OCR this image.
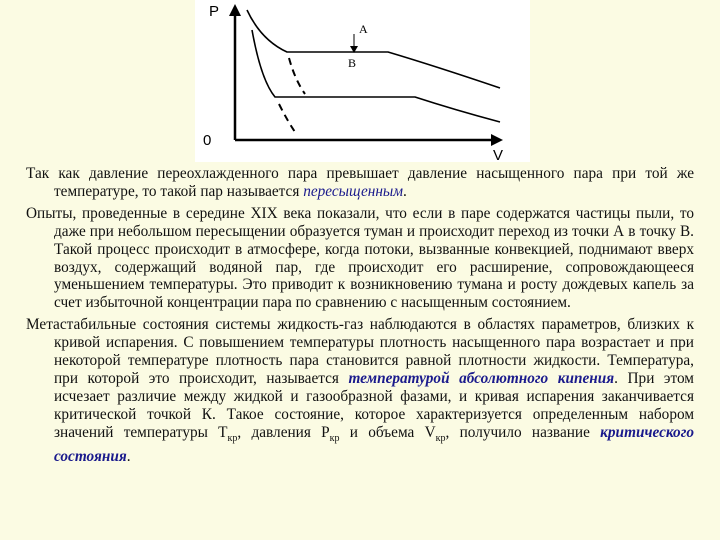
P
V
0
A
B

Так как давление переохлажденного пара превышает давление насыщенного пара при той же температуре, то такой пар называется пересыщенным.

Опыты, проведенные в середине XIX века показали, что если в паре содержатся частицы пыли, то даже при небольшом пересыщении образуется туман и происходит переход из точки А в точку В. Такой процесс происходит в атмосфере, когда потоки, вызванные конвекцией, поднимают вверх воздух, содержащий водяной пар, где происходит его расширение, сопровождающееся уменьшением температуры. Это приводит к возникновению тумана и росту дождевых капель за счет избыточной концентрации пара по сравнению с насыщенным состоянием.

Метастабильные состояния системы жидкость-газ наблюдаются в областях параметров, близких к кривой испарения. С повышением температуры плотность насыщенного пара возрастает и при некоторой температуре плотность пара становится равной плотности жидкости. Температура, при которой это происходит, называется температурой абсолютного кипения. При этом исчезает различие между жидкой и газообразной фазами, и кривая испарения заканчивается критической точкой К. Такое состояние, которое характеризуется определенным набором значений температуры $Т_{кр}$, давления $Р_{кр}$ и объема $V_{кр}$, получило название критического состояния.
